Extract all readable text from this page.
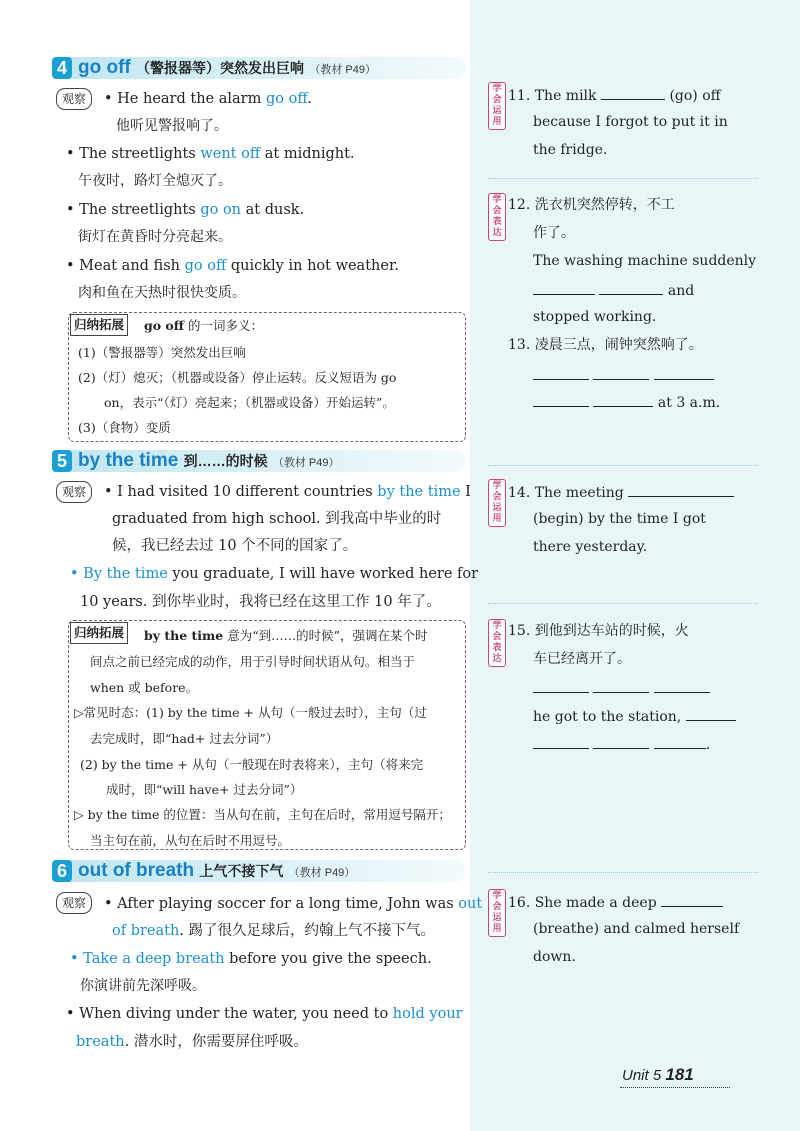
4 go off （警报器等）突然发出巨响 （教材 P49）
观察	• He heard the alarm go off.
他听见警报响了。
• The streetlights went off at midnight.
午夜时，路灯全熄灭了。
• The streetlights go on at dusk.
街灯在黄昏时分亮起来。
• Meat and fish go off quickly in hot weather.
肉和鱼在天热时很快变质。
归纳拓展	go off 的一词多义：
(1)（警报器等）突然发出巨响
(2)（灯）熄灭；（机器或设备）停止运转。反义短语为 go
on，表示“（灯）亮起来；（机器或设备）开始运转”。
(3)（食物）变质
5 by the time 到……的时候 （教材 P49）
观察	• I had visited 10 different countries by the time I
graduated from high school. 到我高中毕业的时
候，我已经去过 10 个不同的国家了。
• By the time you graduate, I will have worked here for
10 years. 到你毕业时，我将已经在这里工作 10 年了。
归纳拓展	by the time 意为“到……的时候”，强调在某个时
间点之前已经完成的动作，用于引导时间状语从句。相当于
when 或 before。
▷常见时态：(1) by the time + 从句（一般过去时），主句（过
去完成时，即“had+ 过去分词”）
(2) by the time + 从句（一般现在时表将来），主句（将来完
成时，即“will have+ 过去分词”）
▷ by the time 的位置：当从句在前，主句在后时，常用逗号隔开；
当主句在前，从句在后时不用逗号。
6 out of breath 上气不接下气 （教材 P49）
观察	• After playing soccer for a long time, John was out
of breath. 踢了很久足球后，约翰上气不接下气。
• Take a deep breath before you give the speech.
你演讲前先深呼吸。
• When diving under the water, you need to hold your
breath. 潜水时，你需要屏住呼吸。
学会运用
11. The milk	(go) off
because I forgot to put it in
the fridge.
学会表达
12. 洗衣机突然停转，不工
作了。
The washing machine suddenly
and
stopped working.
13. 凌晨三点，闹钟突然响了。

at 3 a.m.
学会运用
14. The meeting
(begin) by the time I got
there yesterday.
学会表达
15. 到他到达车站的时候，火
车已经离开了。

he got to the station,
.
学会运用
16. She made a deep
(breathe) and calmed herself
down.
Unit 5 181
